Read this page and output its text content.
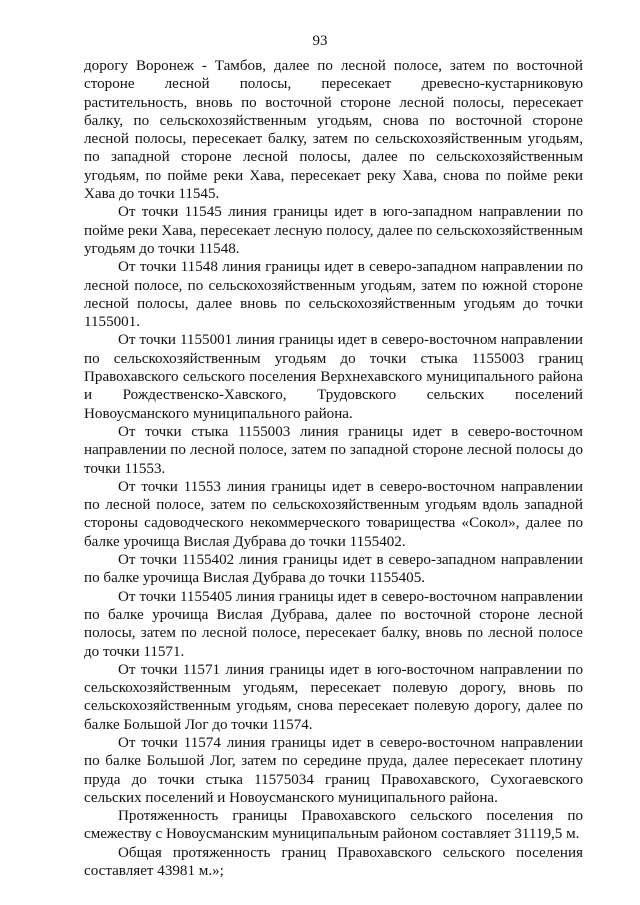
93

дорогу Воронеж - Тамбов, далее по лесной полосе, затем по восточной стороне лесной полосы, пересекает древесно-кустарниковую растительность, вновь по восточной стороне лесной полосы, пересекает балку, по сельскохозяйственным угодьям, снова по восточной стороне лесной полосы, пересекает балку, затем по сельскохозяйственным угодьям, по западной стороне лесной полосы, далее по сельскохозяйственным угодьям, по пойме реки Хава, пересекает реку Хава, снова по пойме реки Хава до точки 11545.

От точки 11545 линия границы идет в юго-западном направлении по пойме реки Хава, пересекает лесную полосу, далее по сельскохозяйственным угодьям до точки 11548.

От точки 11548 линия границы идет в северо-западном направлении по лесной полосе, по сельскохозяйственным угодьям, затем по южной стороне лесной полосы, далее вновь по сельскохозяйственным угодьям до точки 1155001.

От точки 1155001 линия границы идет в северо-восточном направлении по сельскохозяйственным угодьям до точки стыка 1155003 границ Правохавского сельского поселения Верхнехавского муниципального района и Рождественско-Хавского, Трудовского сельских поселений Новоусманского муниципального района.

От точки стыка 1155003 линия границы идет в северо-восточном направлении по лесной полосе, затем по западной стороне лесной полосы до точки 11553.

От точки 11553 линия границы идет в северо-восточном направлении по лесной полосе, затем по сельскохозяйственным угодьям вдоль западной стороны садоводческого некоммерческого товарищества «Сокол», далее по балке урочища Вислая Дубрава до точки 1155402.

От точки 1155402 линия границы идет в северо-западном направлении по балке урочища Вислая Дубрава до точки 1155405.

От точки 1155405 линия границы идет в северо-восточном направлении по балке урочища Вислая Дубрава, далее по восточной стороне лесной полосы, затем по лесной полосе, пересекает балку, вновь по лесной полосе до точки 11571.

От точки 11571 линия границы идет в юго-восточном направлении по сельскохозяйственным угодьям, пересекает полевую дорогу, вновь по сельскохозяйственным угодьям, снова пересекает полевую дорогу, далее по балке Большой Лог до точки 11574.

От точки 11574 линия границы идет в северо-восточном направлении по балке Большой Лог, затем по середине пруда, далее пересекает плотину пруда до точки стыка 11575034 границ Правохавского, Сухогаевского сельских поселений и Новоусманского муниципального района.

Протяженность границы Правохавского сельского поселения по смежеству с Новоусманским муниципальным районом составляет 31119,5 м.

Общая протяженность границ Правохавского сельского поселения составляет 43981 м.»;
